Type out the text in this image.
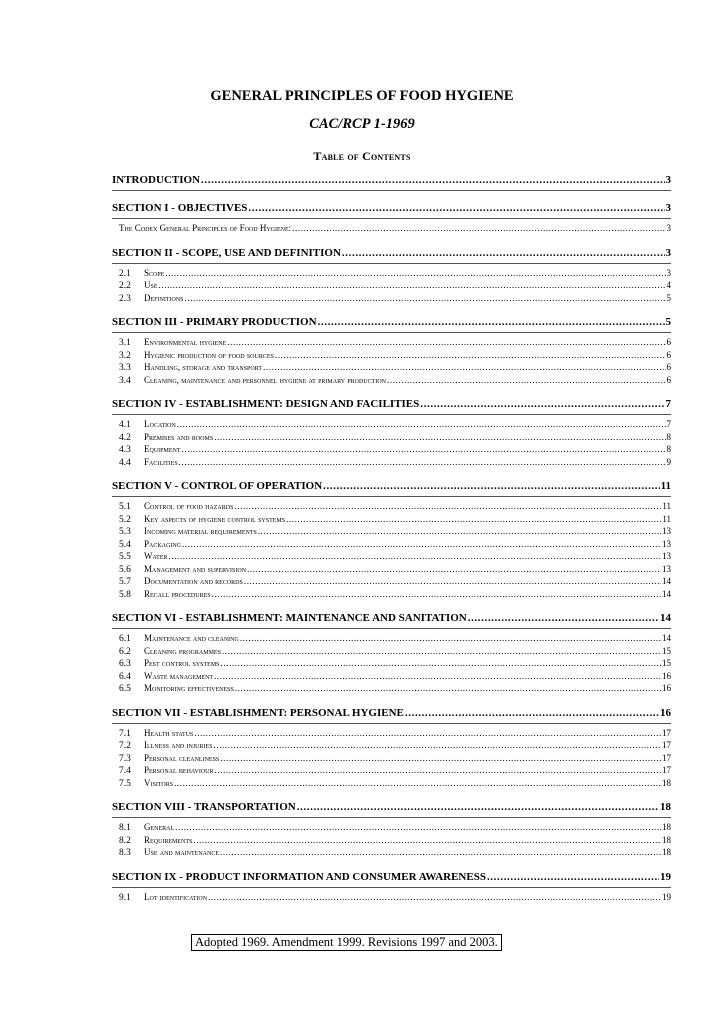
GENERAL PRINCIPLES OF FOOD HYGIENE
CAC/RCP 1-1969
Table of Contents
INTRODUCTION .....	3
SECTION I - OBJECTIVES .....	3
The Codex General Principles of Food Hygiene: .....	3
SECTION II - SCOPE, USE AND DEFINITION .....	3
2.1	Scope .....	3
2.2	Use .....	4
2.3	Definitions .....	5
SECTION III - PRIMARY PRODUCTION .....	5
3.1	Environmental hygiene .....	6
3.2	Hygienic production of food sources .....	6
3.3	Handling, storage and transport .....	6
3.4	Cleaning, maintenance and personnel hygiene at primary production .....	6
SECTION IV - ESTABLISHMENT: DESIGN AND FACILITIES .....	7
4.1	Location .....	7
4.2	Premises and rooms .....	8
4.3	Equipment .....	8
4.4	Facilities .....	9
SECTION V - CONTROL OF OPERATION .....	11
5.1	Control of food hazards .....	11
5.2	Key aspects of hygiene control systems .....	11
5.3	Incoming material requirements .....	13
5.4	Packaging .....	13
5.5	Water .....	13
5.6	Management and supervision .....	13
5.7	Documentation and records .....	14
5.8	Recall procedures .....	14
SECTION VI - ESTABLISHMENT: MAINTENANCE AND SANITATION .....	14
6.1	Maintenance and cleaning .....	14
6.2	Cleaning programmes .....	15
6.3	Pest control systems .....	15
6.4	Waste management .....	16
6.5	Monitoring effectiveness .....	16
SECTION VII - ESTABLISHMENT: PERSONAL HYGIENE .....	16
7.1	Health status .....	17
7.2	Illness and injuries .....	17
7.3	Personal cleanliness .....	17
7.4	Personal behaviour .....	17
7.5	Visitors .....	18
SECTION VIII - TRANSPORTATION .....	18
8.1	General .....	18
8.2	Requirements .....	18
8.3	Use and maintenance .....	18
SECTION IX - PRODUCT INFORMATION AND CONSUMER AWARENESS .....	19
9.1	Lot identification .....	19
Adopted 1969. Amendment 1999. Revisions 1997 and 2003.
